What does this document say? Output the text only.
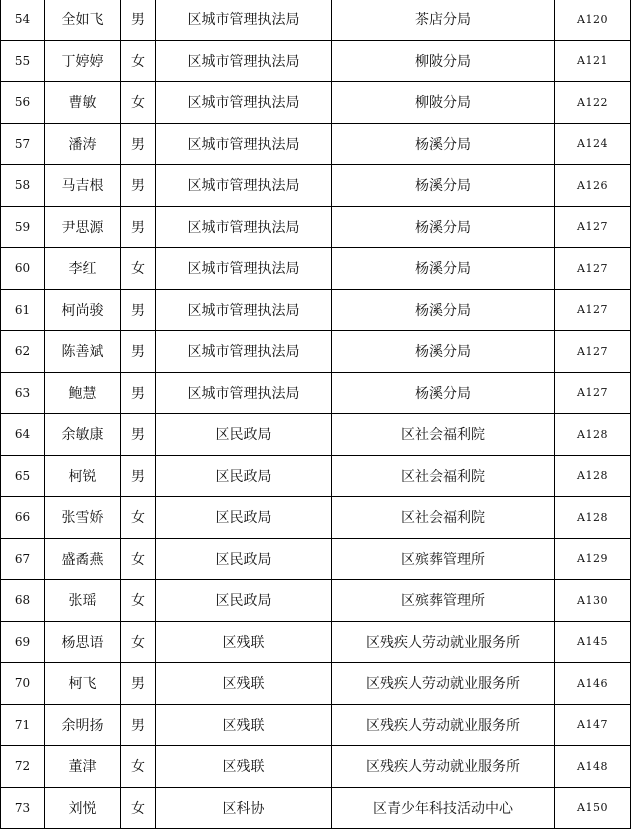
54	全如飞	男	区城市管理执法局	茶店分局	A120
55	丁婷婷	女	区城市管理执法局	柳陂分局	A121
56	曹敏	女	区城市管理执法局	柳陂分局	A122
57	潘涛	男	区城市管理执法局	杨溪分局	A124
58	马吉根	男	区城市管理执法局	杨溪分局	A126
59	尹思源	男	区城市管理执法局	杨溪分局	A127
60	李红	女	区城市管理执法局	杨溪分局	A127
61	柯尚骏	男	区城市管理执法局	杨溪分局	A127
62	陈善斌	男	区城市管理执法局	杨溪分局	A127
63	鲍慧	男	区城市管理执法局	杨溪分局	A127
64	余敏康	男	区民政局	区社会福利院	A128
65	柯锐	男	区民政局	区社会福利院	A128
66	张雪娇	女	区民政局	区社会福利院	A128
67	盛矞燕	女	区民政局	区殡葬管理所	A129
68	张瑶	女	区民政局	区殡葬管理所	A130
69	杨思语	女	区残联	区残疾人劳动就业服务所	A145
70	柯飞	男	区残联	区残疾人劳动就业服务所	A146
71	余明扬	男	区残联	区残疾人劳动就业服务所	A147
72	董津	女	区残联	区残疾人劳动就业服务所	A148
73	刘悦	女	区科协	区青少年科技活动中心	A150
